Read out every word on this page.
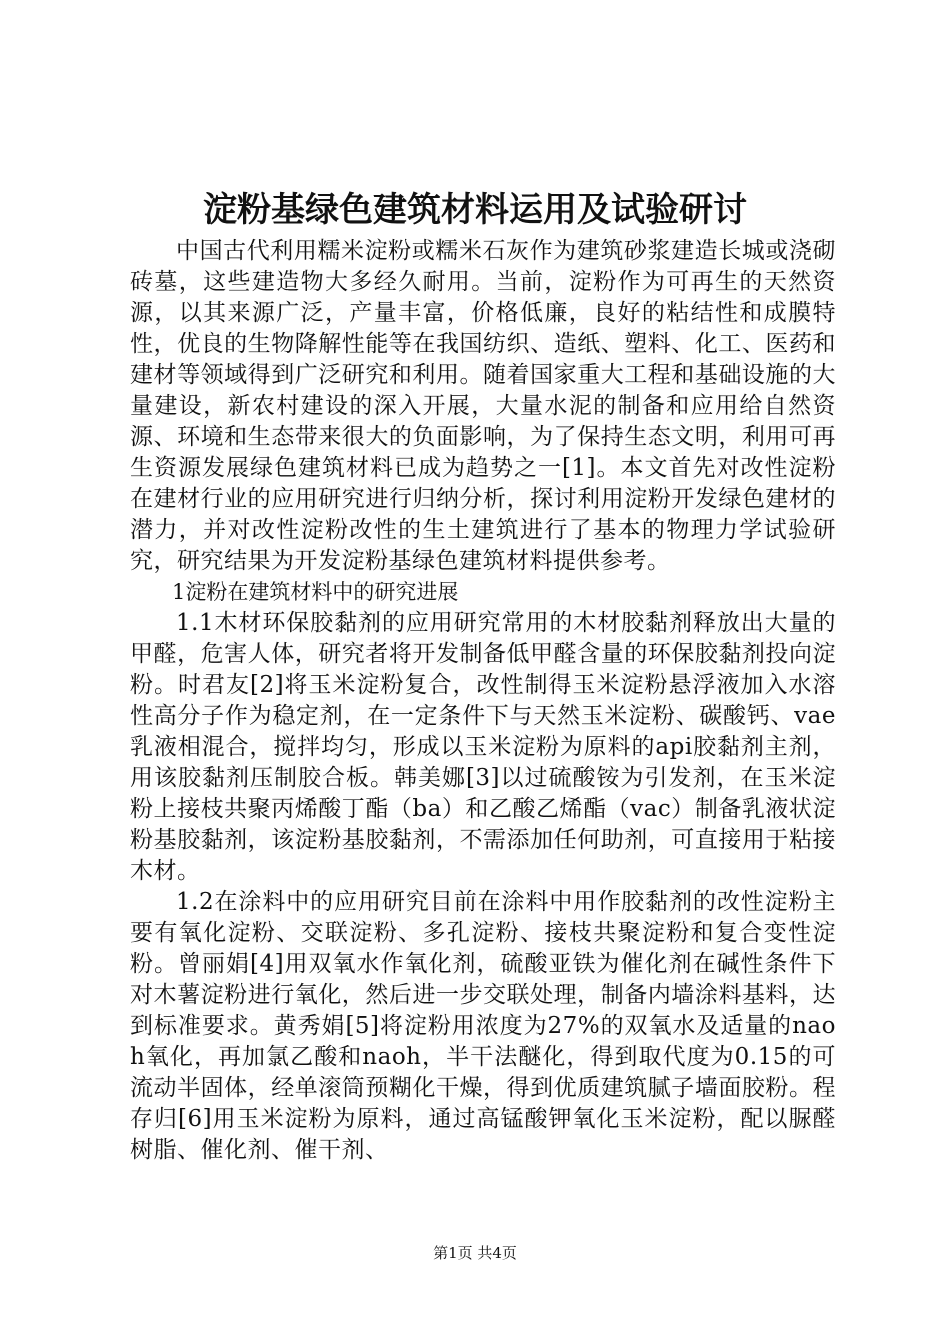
淀粉基绿色建筑材料运用及试验研讨

中国古代利用糯米淀粉或糯米石灰作为建筑砂浆建造长城或浇砌砖墓，这些建造物大多经久耐用。当前，淀粉作为可再生的天然资源，以其来源广泛，产量丰富，价格低廉，良好的粘结性和成膜特性，优良的生物降解性能等在我国纺织、造纸、塑料、化工、医药和建材等领域得到广泛研究和利用。随着国家重大工程和基础设施的大量建设，新农村建设的深入开展，大量水泥的制备和应用给自然资源、环境和生态带来很大的负面影响，为了保持生态文明，利用可再生资源发展绿色建筑材料已成为趋势之一[1]。本文首先对改性淀粉在建材行业的应用研究进行归纳分析，探讨利用淀粉开发绿色建材的潜力，并对改性淀粉改性的生土建筑进行了基本的物理力学试验研究，研究结果为开发淀粉基绿色建筑材料提供参考。

1淀粉在建筑材料中的研究进展

1.1木材环保胶黏剂的应用研究常用的木材胶黏剂释放出大量的甲醛，危害人体，研究者将开发制备低甲醛含量的环保胶黏剂投向淀粉。时君友[2]将玉米淀粉复合，改性制得玉米淀粉悬浮液加入水溶性高分子作为稳定剂，在一定条件下与天然玉米淀粉、碳酸钙、vae乳液相混合，搅拌均匀，形成以玉米淀粉为原料的api胶黏剂主剂，用该胶黏剂压制胶合板。韩美娜[3]以过硫酸铵为引发剂，在玉米淀粉上接枝共聚丙烯酸丁酯（ba）和乙酸乙烯酯（vac）制备乳液状淀粉基胶黏剂，该淀粉基胶黏剂，不需添加任何助剂，可直接用于粘接木材。

1.2在涂料中的应用研究目前在涂料中用作胶黏剂的改性淀粉主要有氧化淀粉、交联淀粉、多孔淀粉、接枝共聚淀粉和复合变性淀粉。曾丽娟[4]用双氧水作氧化剂，硫酸亚铁为催化剂在碱性条件下对木薯淀粉进行氧化，然后进一步交联处理，制备内墙涂料基料，达到标准要求。黄秀娟[5]将淀粉用浓度为27%的双氧水及适量的naoh氧化，再加氯乙酸和naoh，半干法醚化，得到取代度为0.15的可流动半固体，经单滚筒预糊化干燥，得到优质建筑腻子墙面胶粉。程存归[6]用玉米淀粉为原料，通过高锰酸钾氧化玉米淀粉，配以脲醛树脂、催化剂、催干剂、

第1页 共4页
